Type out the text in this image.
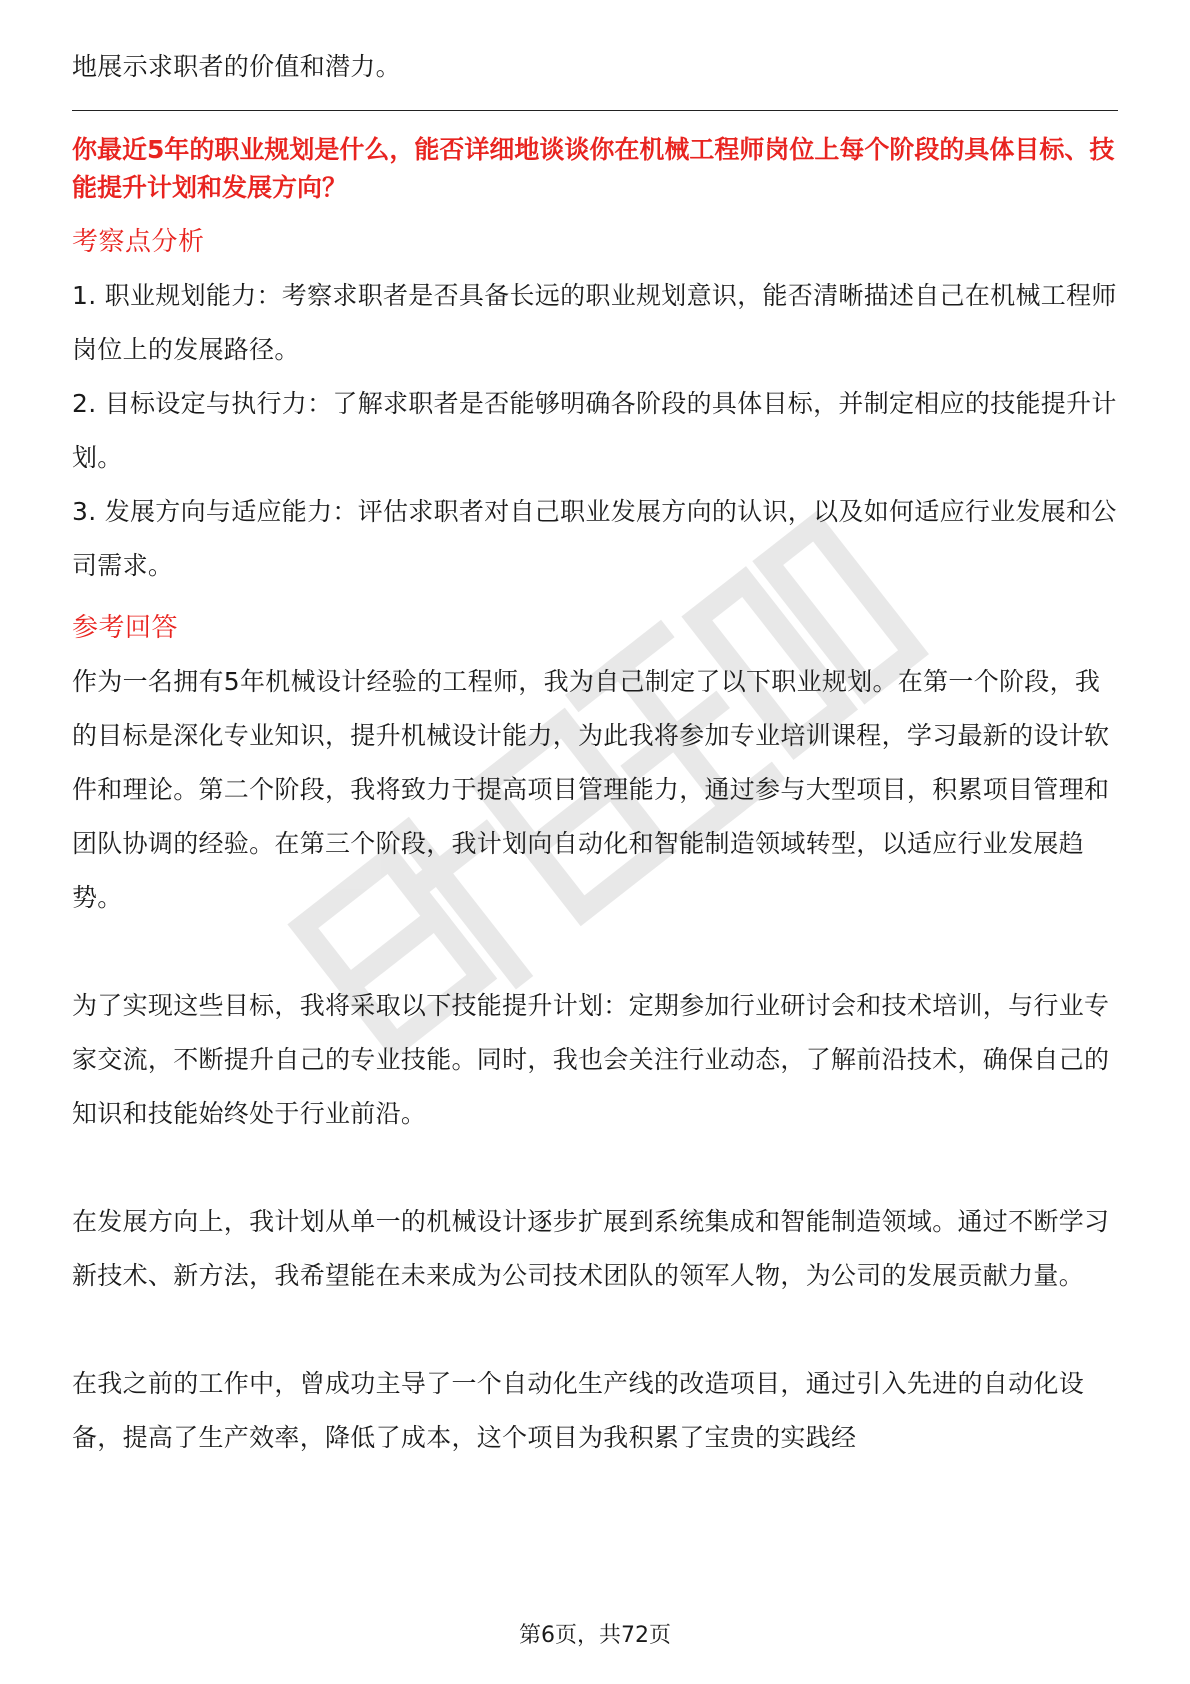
地展示求职者的价值和潜力。

你最近5年的职业规划是什么，能否详细地谈谈你在机械工程师岗位上每个阶段的具体目标、技能提升计划和发展方向？

考察点分析

1. 职业规划能力：考察求职者是否具备长远的职业规划意识，能否清晰描述自己在机械工程师岗位上的发展路径。

2. 目标设定与执行力：了解求职者是否能够明确各阶段的具体目标，并制定相应的技能提升计划。

3. 发展方向与适应能力：评估求职者对自己职业发展方向的认识，以及如何适应行业发展和公司需求。

参考回答

作为一名拥有5年机械设计经验的工程师，我为自己制定了以下职业规划。在第一个阶段，我的目标是深化专业知识，提升机械设计能力，为此我将参加专业培训课程，学习最新的设计软件和理论。第二个阶段，我将致力于提高项目管理能力，通过参与大型项目，积累项目管理和团队协调的经验。在第三个阶段，我计划向自动化和智能制造领域转型，以适应行业发展趋势。

为了实现这些目标，我将采取以下技能提升计划：定期参加行业研讨会和技术培训，与行业专家交流，不断提升自己的专业技能。同时，我也会关注行业动态，了解前沿技术，确保自己的知识和技能始终处于行业前沿。

在发展方向上，我计划从单一的机械设计逐步扩展到系统集成和智能制造领域。通过不断学习新技术、新方法，我希望能在未来成为公司技术团队的领军人物，为公司的发展贡献力量。

在我之前的工作中，曾成功主导了一个自动化生产线的改造项目，通过引入先进的自动化设备，提高了生产效率，降低了成本，这个项目为我积累了宝贵的实践经

第6页，共72页
